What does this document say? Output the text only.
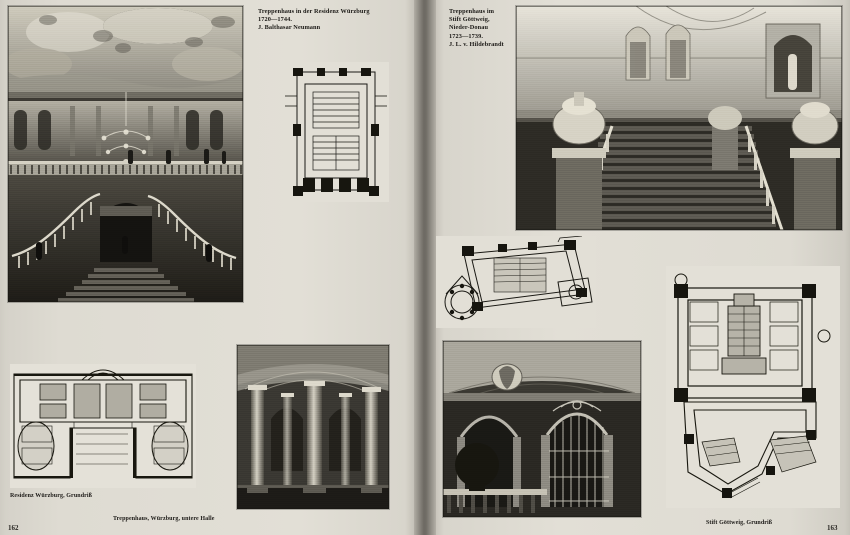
Treppenhaus in der Residenz Würzburg
1720—1744.
J. Balthasar Neumann
Residenz Würzburg, Grundriß
Treppenhaus, Würzburg, untere Halle
162
Treppenhaus im
Stift Göttweig,
Nieder-Donau
1723—1739.
J. L. v. Hildebrandt
Stift Göttweig, Grundriß
163
